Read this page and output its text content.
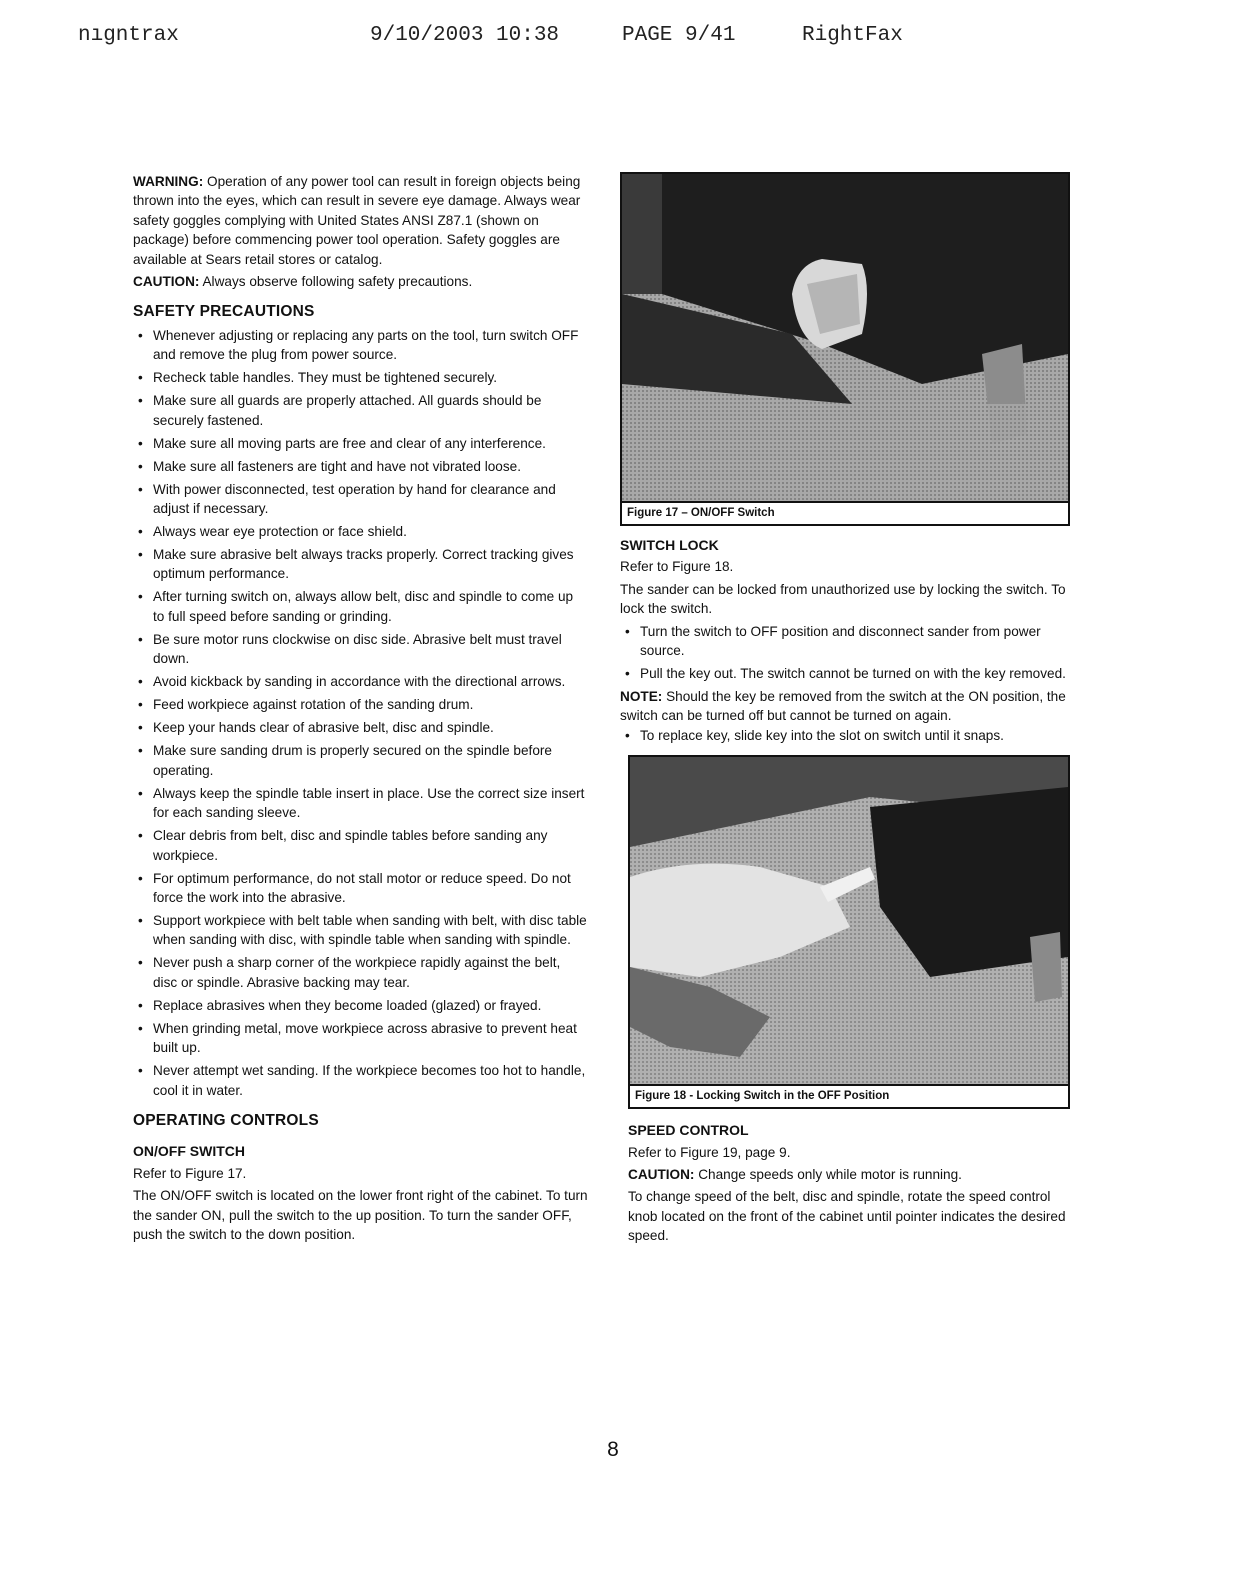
nıgntrax	9/10/2003 10:38	PAGE 9/41	RightFax

WARNING: Operation of any power tool can result in foreign objects being thrown into the eyes, which can result in severe eye damage. Always wear safety goggles complying with United States ANSI Z87.1 (shown on package) before commencing power tool operation. Safety goggles are available at Sears retail stores or catalog.

CAUTION: Always observe following safety precautions.

SAFETY PRECAUTIONS
• Whenever adjusting or replacing any parts on the tool, turn switch OFF and remove the plug from power source.
• Recheck table handles. They must be tightened securely.
• Make sure all guards are properly attached. All guards should be securely fastened.
• Make sure all moving parts are free and clear of any interference.
• Make sure all fasteners are tight and have not vibrated loose.
• With power disconnected, test operation by hand for clearance and adjust if necessary.
• Always wear eye protection or face shield.
• Make sure abrasive belt always tracks properly. Correct tracking gives optimum performance.
• After turning switch on, always allow belt, disc and spindle to come up to full speed before sanding or grinding.
• Be sure motor runs clockwise on disc side. Abrasive belt must travel down.
• Avoid kickback by sanding in accordance with the directional arrows.
• Feed workpiece against rotation of the sanding drum.
• Keep your hands clear of abrasive belt, disc and spindle.
• Make sure sanding drum is properly secured on the spindle before operating.
• Always keep the spindle table insert in place. Use the correct size insert for each sanding sleeve.
• Clear debris from belt, disc and spindle tables before sanding any workpiece.
• For optimum performance, do not stall motor or reduce speed. Do not force the work into the abrasive.
• Support workpiece with belt table when sanding with belt, with disc table when sanding with disc, with spindle table when sanding with spindle.
• Never push a sharp corner of the workpiece rapidly against the belt, disc or spindle. Abrasive backing may tear.
• Replace abrasives when they become loaded (glazed) or frayed.
• When grinding metal, move workpiece across abrasive to prevent heat built up.
• Never attempt wet sanding. If the workpiece becomes too hot to handle, cool it in water.
OPERATING CONTROLS
ON/OFF SWITCH

Refer to Figure 17.

The ON/OFF switch is located on the lower front right of the cabinet. To turn the sander ON, pull the switch to the up position. To turn the sander OFF, push the switch to the down position.

Figure 17 – ON/OFF Switch
SWITCH LOCK

Refer to Figure 18.

The sander can be locked from unauthorized use by locking the switch. To lock the switch.

• Turn the switch to OFF position and disconnect sander from power source.
• Pull the key out. The switch cannot be turned on with the key removed.

NOTE: Should the key be removed from the switch at the ON position, the switch can be turned off but cannot be turned on again.

• To replace key, slide key into the slot on switch until it snaps.
Figure 18 - Locking Switch in the OFF Position
SPEED CONTROL

Refer to Figure 19, page 9.

CAUTION: Change speeds only while motor is running.

To change speed of the belt, disc and spindle, rotate the speed control knob located on the front of the cabinet until pointer indicates the desired speed.

8
